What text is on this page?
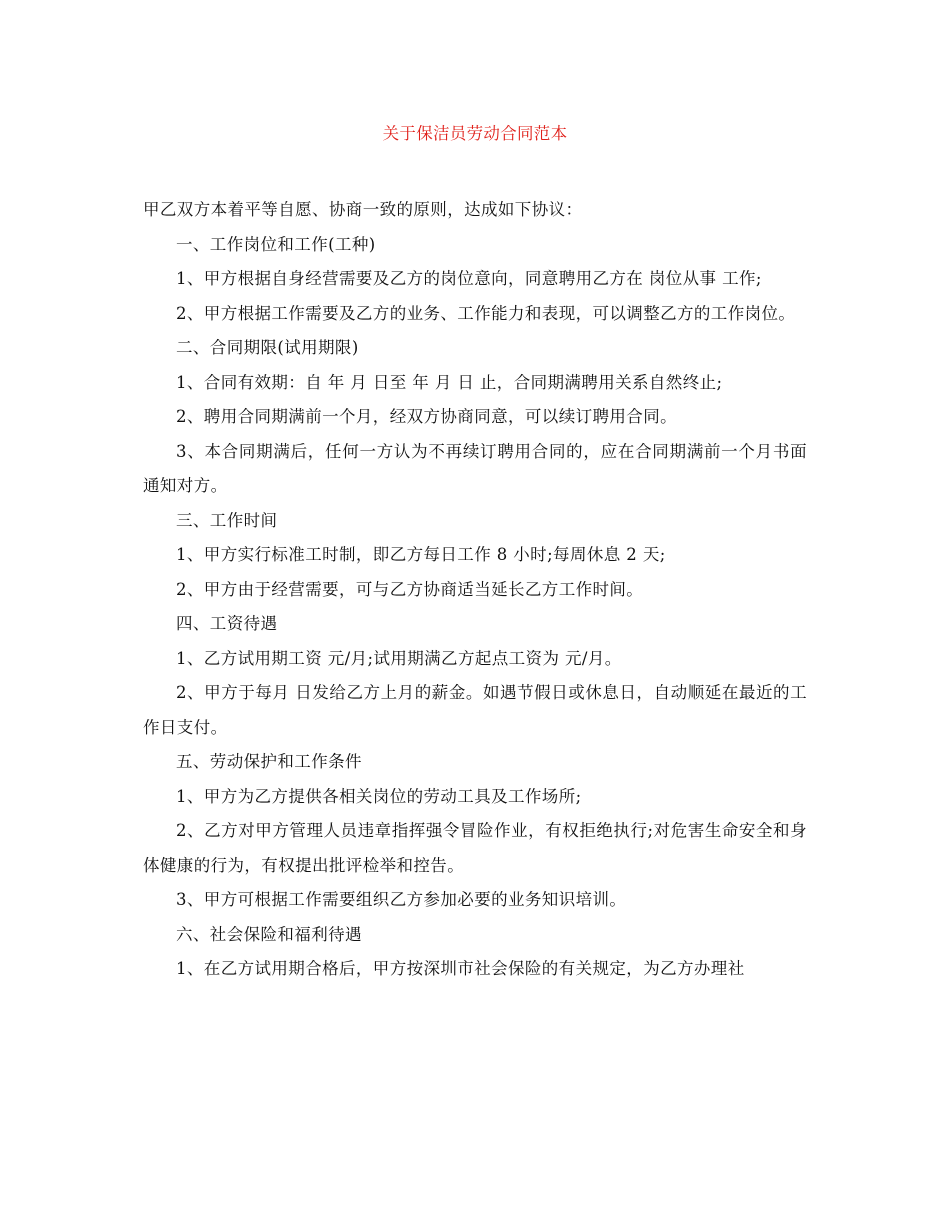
关于保洁员劳动合同范本

甲乙双方本着平等自愿、协商一致的原则，达成如下协议：

一、工作岗位和工作(工种)

1、甲方根据自身经营需要及乙方的岗位意向，同意聘用乙方在 岗位从事 工作;

2、甲方根据工作需要及乙方的业务、工作能力和表现，可以调整乙方的工作岗位。

二、合同期限(试用期限)

1、合同有效期：自 年 月 日至 年 月 日 止，合同期满聘用关系自然终止;

2、聘用合同期满前一个月，经双方协商同意，可以续订聘用合同。

3、本合同期满后，任何一方认为不再续订聘用合同的，应在合同期满前一个月书面通知对方。

三、工作时间

1、甲方实行标准工时制，即乙方每日工作 8 小时;每周休息 2 天;

2、甲方由于经营需要，可与乙方协商适当延长乙方工作时间。

四、工资待遇

1、乙方试用期工资 元/月;试用期满乙方起点工资为 元/月。

2、甲方于每月 日发给乙方上月的薪金。如遇节假日或休息日，自动顺延在最近的工作日支付。

五、劳动保护和工作条件

1、甲方为乙方提供各相关岗位的劳动工具及工作场所;

2、乙方对甲方管理人员违章指挥强令冒险作业，有权拒绝执行;对危害生命安全和身体健康的行为，有权提出批评检举和控告。

3、甲方可根据工作需要组织乙方参加必要的业务知识培训。

六、社会保险和福利待遇

1、在乙方试用期合格后，甲方按深圳市社会保险的有关规定，为乙方办理社
